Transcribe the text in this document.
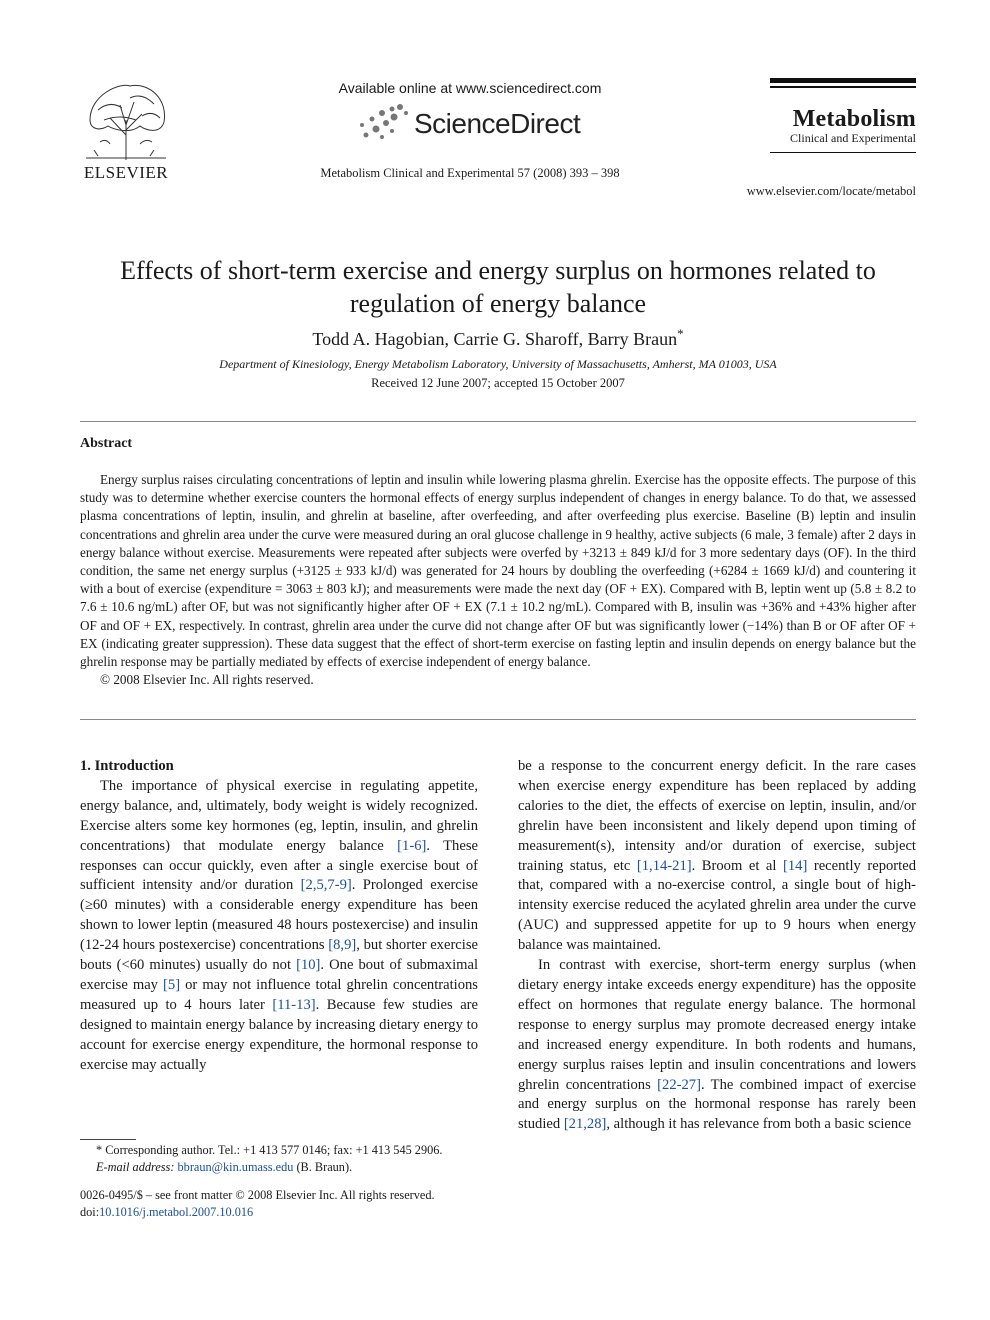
ELSEVIER
Available online at www.sciencedirect.com
ScienceDirect
Metabolism Clinical and Experimental 57 (2008) 393 – 398
Metabolism
Clinical and Experimental
www.elsevier.com/locate/metabol
Effects of short-term exercise and energy surplus on hormones related to
regulation of energy balance
Todd A. Hagobian, Carrie G. Sharoff, Barry Braun*
Department of Kinesiology, Energy Metabolism Laboratory, University of Massachusetts, Amherst, MA 01003, USA
Received 12 June 2007; accepted 15 October 2007
Abstract

Energy surplus raises circulating concentrations of leptin and insulin while lowering plasma ghrelin. Exercise has the opposite effects. The purpose of this study was to determine whether exercise counters the hormonal effects of energy surplus independent of changes in energy balance. To do that, we assessed plasma concentrations of leptin, insulin, and ghrelin at baseline, after overfeeding, and after overfeeding plus exercise. Baseline (B) leptin and insulin concentrations and ghrelin area under the curve were measured during an oral glucose challenge in 9 healthy, active subjects (6 male, 3 female) after 2 days in energy balance without exercise. Measurements were repeated after subjects were overfed by +3213 ± 849 kJ/d for 3 more sedentary days (OF). In the third condition, the same net energy surplus (+3125 ± 933 kJ/d) was generated for 24 hours by doubling the overfeeding (+6284 ± 1669 kJ/d) and countering it with a bout of exercise (expenditure = 3063 ± 803 kJ); and measurements were made the next day (OF + EX). Compared with B, leptin went up (5.8 ± 8.2 to 7.6 ± 10.6 ng/mL) after OF, but was not significantly higher after OF + EX (7.1 ± 10.2 ng/mL). Compared with B, insulin was +36% and +43% higher after OF and OF + EX, respectively. In contrast, ghrelin area under the curve did not change after OF but was significantly lower (−14%) than B or OF after OF + EX (indicating greater suppression). These data suggest that the effect of short-term exercise on fasting leptin and insulin depends on energy balance but the ghrelin response may be partially mediated by effects of exercise independent of energy balance.

© 2008 Elsevier Inc. All rights reserved.

1. Introduction

The importance of physical exercise in regulating appetite, energy balance, and, ultimately, body weight is widely recognized. Exercise alters some key hormones (eg, leptin, insulin, and ghrelin concentrations) that modulate energy balance [1-6]. These responses can occur quickly, even after a single exercise bout of sufficient intensity and/or duration [2,5,7-9]. Prolonged exercise (≥60 minutes) with a considerable energy expenditure has been shown to lower leptin (measured 48 hours postexercise) and insulin (12-24 hours postexercise) concentrations [8,9], but shorter exercise bouts (<60 minutes) usually do not [10]. One bout of submaximal exercise may [5] or may not influence total ghrelin concentrations measured up to 4 hours later [11-13]. Because few studies are designed to maintain energy balance by increasing dietary energy to account for exercise energy expenditure, the hormonal response to exercise may actually

be a response to the concurrent energy deficit. In the rare cases when exercise energy expenditure has been replaced by adding calories to the diet, the effects of exercise on leptin, insulin, and/or ghrelin have been inconsistent and likely depend upon timing of measurement(s), intensity and/or duration of exercise, subject training status, etc [1,14-21]. Broom et al [14] recently reported that, compared with a no-exercise control, a single bout of high-intensity exercise reduced the acylated ghrelin area under the curve (AUC) and suppressed appetite for up to 9 hours when energy balance was maintained.

In contrast with exercise, short-term energy surplus (when dietary energy intake exceeds energy expenditure) has the opposite effect on hormones that regulate energy balance. The hormonal response to energy surplus may promote decreased energy intake and increased energy expenditure. In both rodents and humans, energy surplus raises leptin and insulin concentrations and lowers ghrelin concentrations [22-27]. The combined impact of exercise and energy surplus on the hormonal response has rarely been studied [21,28], although it has relevance from both a basic science

* Corresponding author. Tel.: +1 413 577 0146; fax: +1 413 545 2906.
E-mail address: bbraun@kin.umass.edu (B. Braun).
0026-0495/$ – see front matter © 2008 Elsevier Inc. All rights reserved.
doi:10.1016/j.metabol.2007.10.016
